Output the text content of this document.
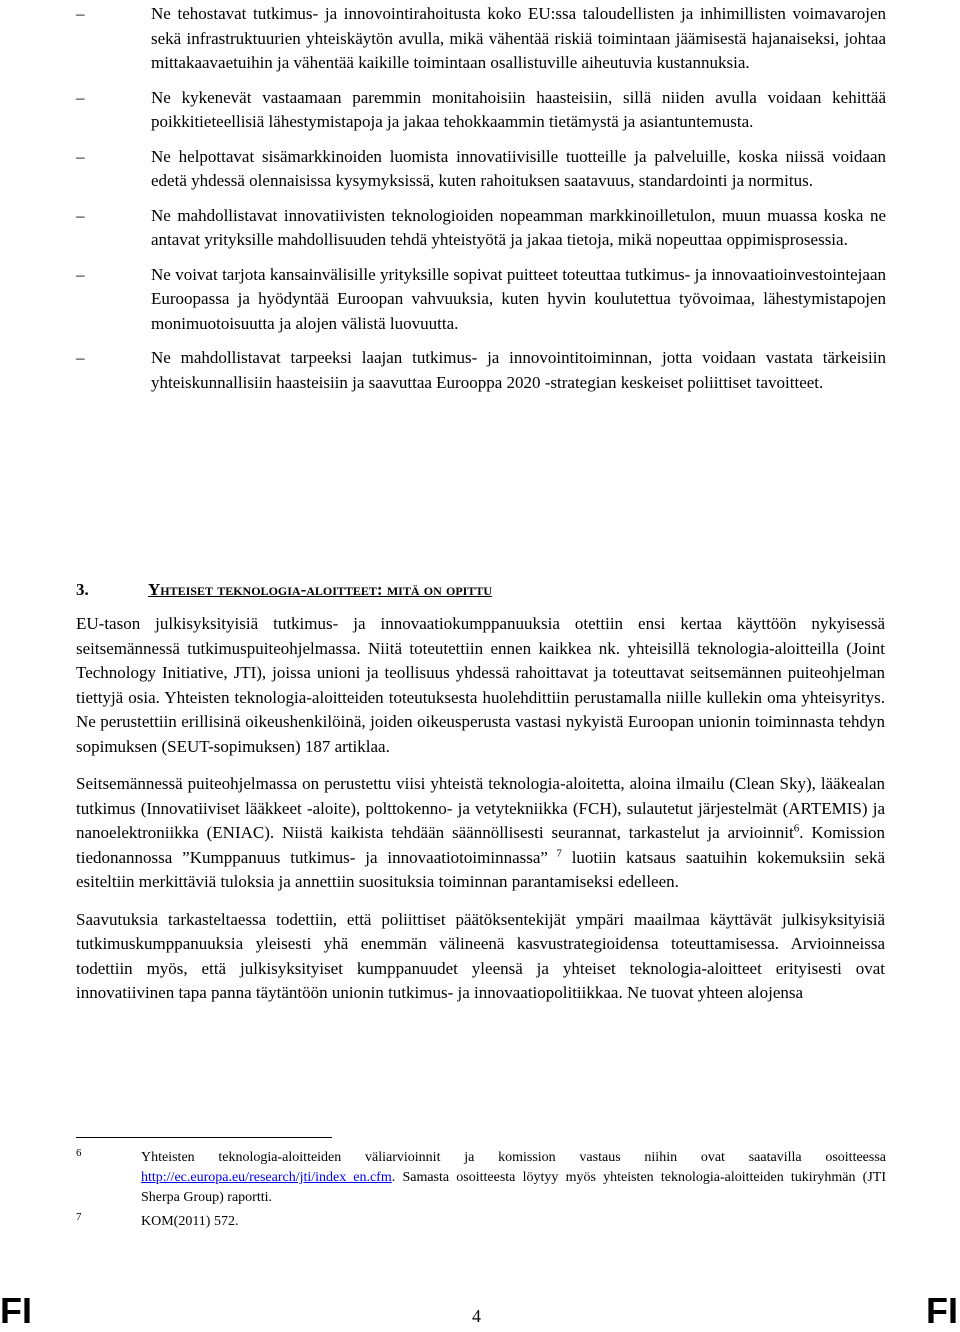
–	Ne tehostavat tutkimus- ja innovointirahoitusta koko EU:ssa taloudellisten ja inhimillisten voimavarojen sekä infrastruktuurien yhteiskäytön avulla, mikä vähentää riskiä toimintaan jäämisestä hajanaiseksi, johtaa mittakaavaetuihin ja vähentää kaikille toimintaan osallistuville aiheutuvia kustannuksia.
–	Ne kykenevät vastaamaan paremmin monitahoisiin haasteisiin, sillä niiden avulla voidaan kehittää poikkitieteellisiä lähestymistapoja ja jakaa tehokkaammin tietämystä ja asiantuntemusta.
–	Ne helpottavat sisämarkkinoiden luomista innovatiivisille tuotteille ja palveluille, koska niissä voidaan edetä yhdessä olennaisissa kysymyksissä, kuten rahoituksen saatavuus, standardointi ja normitus.
–	Ne mahdollistavat innovatiivisten teknologioiden nopeamman markkinoilletulon, muun muassa koska ne antavat yrityksille mahdollisuuden tehdä yhteistyötä ja jakaa tietoja, mikä nopeuttaa oppimisprosessia.
–	Ne voivat tarjota kansainvälisille yrityksille sopivat puitteet toteuttaa tutkimus- ja innovaatioinvestointejaan Euroopassa ja hyödyntää Euroopan vahvuuksia, kuten hyvin koulutettua työvoimaa, lähestymistapojen monimuotoisuutta ja alojen välistä luovuutta.
–	Ne mahdollistavat tarpeeksi laajan tutkimus- ja innovointitoiminnan, jotta voidaan vastata tärkeisiin yhteiskunnallisiin haasteisiin ja saavuttaa Eurooppa 2020 -strategian keskeiset poliittiset tavoitteet.
3.	Yhteiset teknologia-aloitteet: mitä on opittu

EU-tason julkisyksityisiä tutkimus- ja innovaatiokumppanuuksia otettiin ensi kertaa käyttöön nykyisessä seitsemännessä tutkimuspuiteohjelmassa. Niitä toteutettiin ennen kaikkea nk. yhteisillä teknologia-aloitteilla (Joint Technology Initiative, JTI), joissa unioni ja teollisuus yhdessä rahoittavat ja toteuttavat seitsemännen puiteohjelman tiettyjä osia. Yhteisten teknologia-aloitteiden toteutuksesta huolehdittiin perustamalla niille kullekin oma yhteisyritys. Ne perustettiin erillisinä oikeushenkilöinä, joiden oikeusperusta vastasi nykyistä Euroopan unionin toiminnasta tehdyn sopimuksen (SEUT-sopimuksen) 187 artiklaa.

Seitsemännessä puiteohjelmassa on perustettu viisi yhteistä teknologia-aloitetta, aloina ilmailu (Clean Sky), lääkealan tutkimus (Innovatiiviset lääkkeet -aloite), polttokenno- ja vetytekniikka (FCH), sulautetut järjestelmät (ARTEMIS) ja nanoelektroniikka (ENIAC). Niistä kaikista tehdään säännöllisesti seurannat, tarkastelut ja arvioinnit$^6$. Komission tiedonannossa ”Kumppanuus tutkimus- ja innovaatiotoiminnassa” $^7$ luotiin katsaus saatuihin kokemuksiin sekä esiteltiin merkittäviä tuloksia ja annettiin suosituksia toiminnan parantamiseksi edelleen.

Saavutuksia tarkasteltaessa todettiin, että poliittiset päätöksentekijät ympäri maailmaa käyttävät julkisyksityisiä tutkimuskumppanuuksia yleisesti yhä enemmän välineenä kasvustrategioidensa toteuttamisessa. Arvioinneissa todettiin myös, että julkisyksityiset kumppanuudet yleensä ja yhteiset teknologia-aloitteet erityisesti ovat innovatiivinen tapa panna täytäntöön unionin tutkimus- ja innovaatiopolitiikkaa. Ne tuovat yhteen alojensa

6	Yhteisten teknologia-aloitteiden väliarvioinnit ja komission vastaus niihin ovat saatavilla osoitteessa http://ec.europa.eu/research/jti/index_en.cfm. Samasta osoitteesta löytyy myös yhteisten teknologia-aloitteiden tukiryhmän (JTI Sherpa Group) raportti.

7	KOM(2011) 572.

FI	4	FI
